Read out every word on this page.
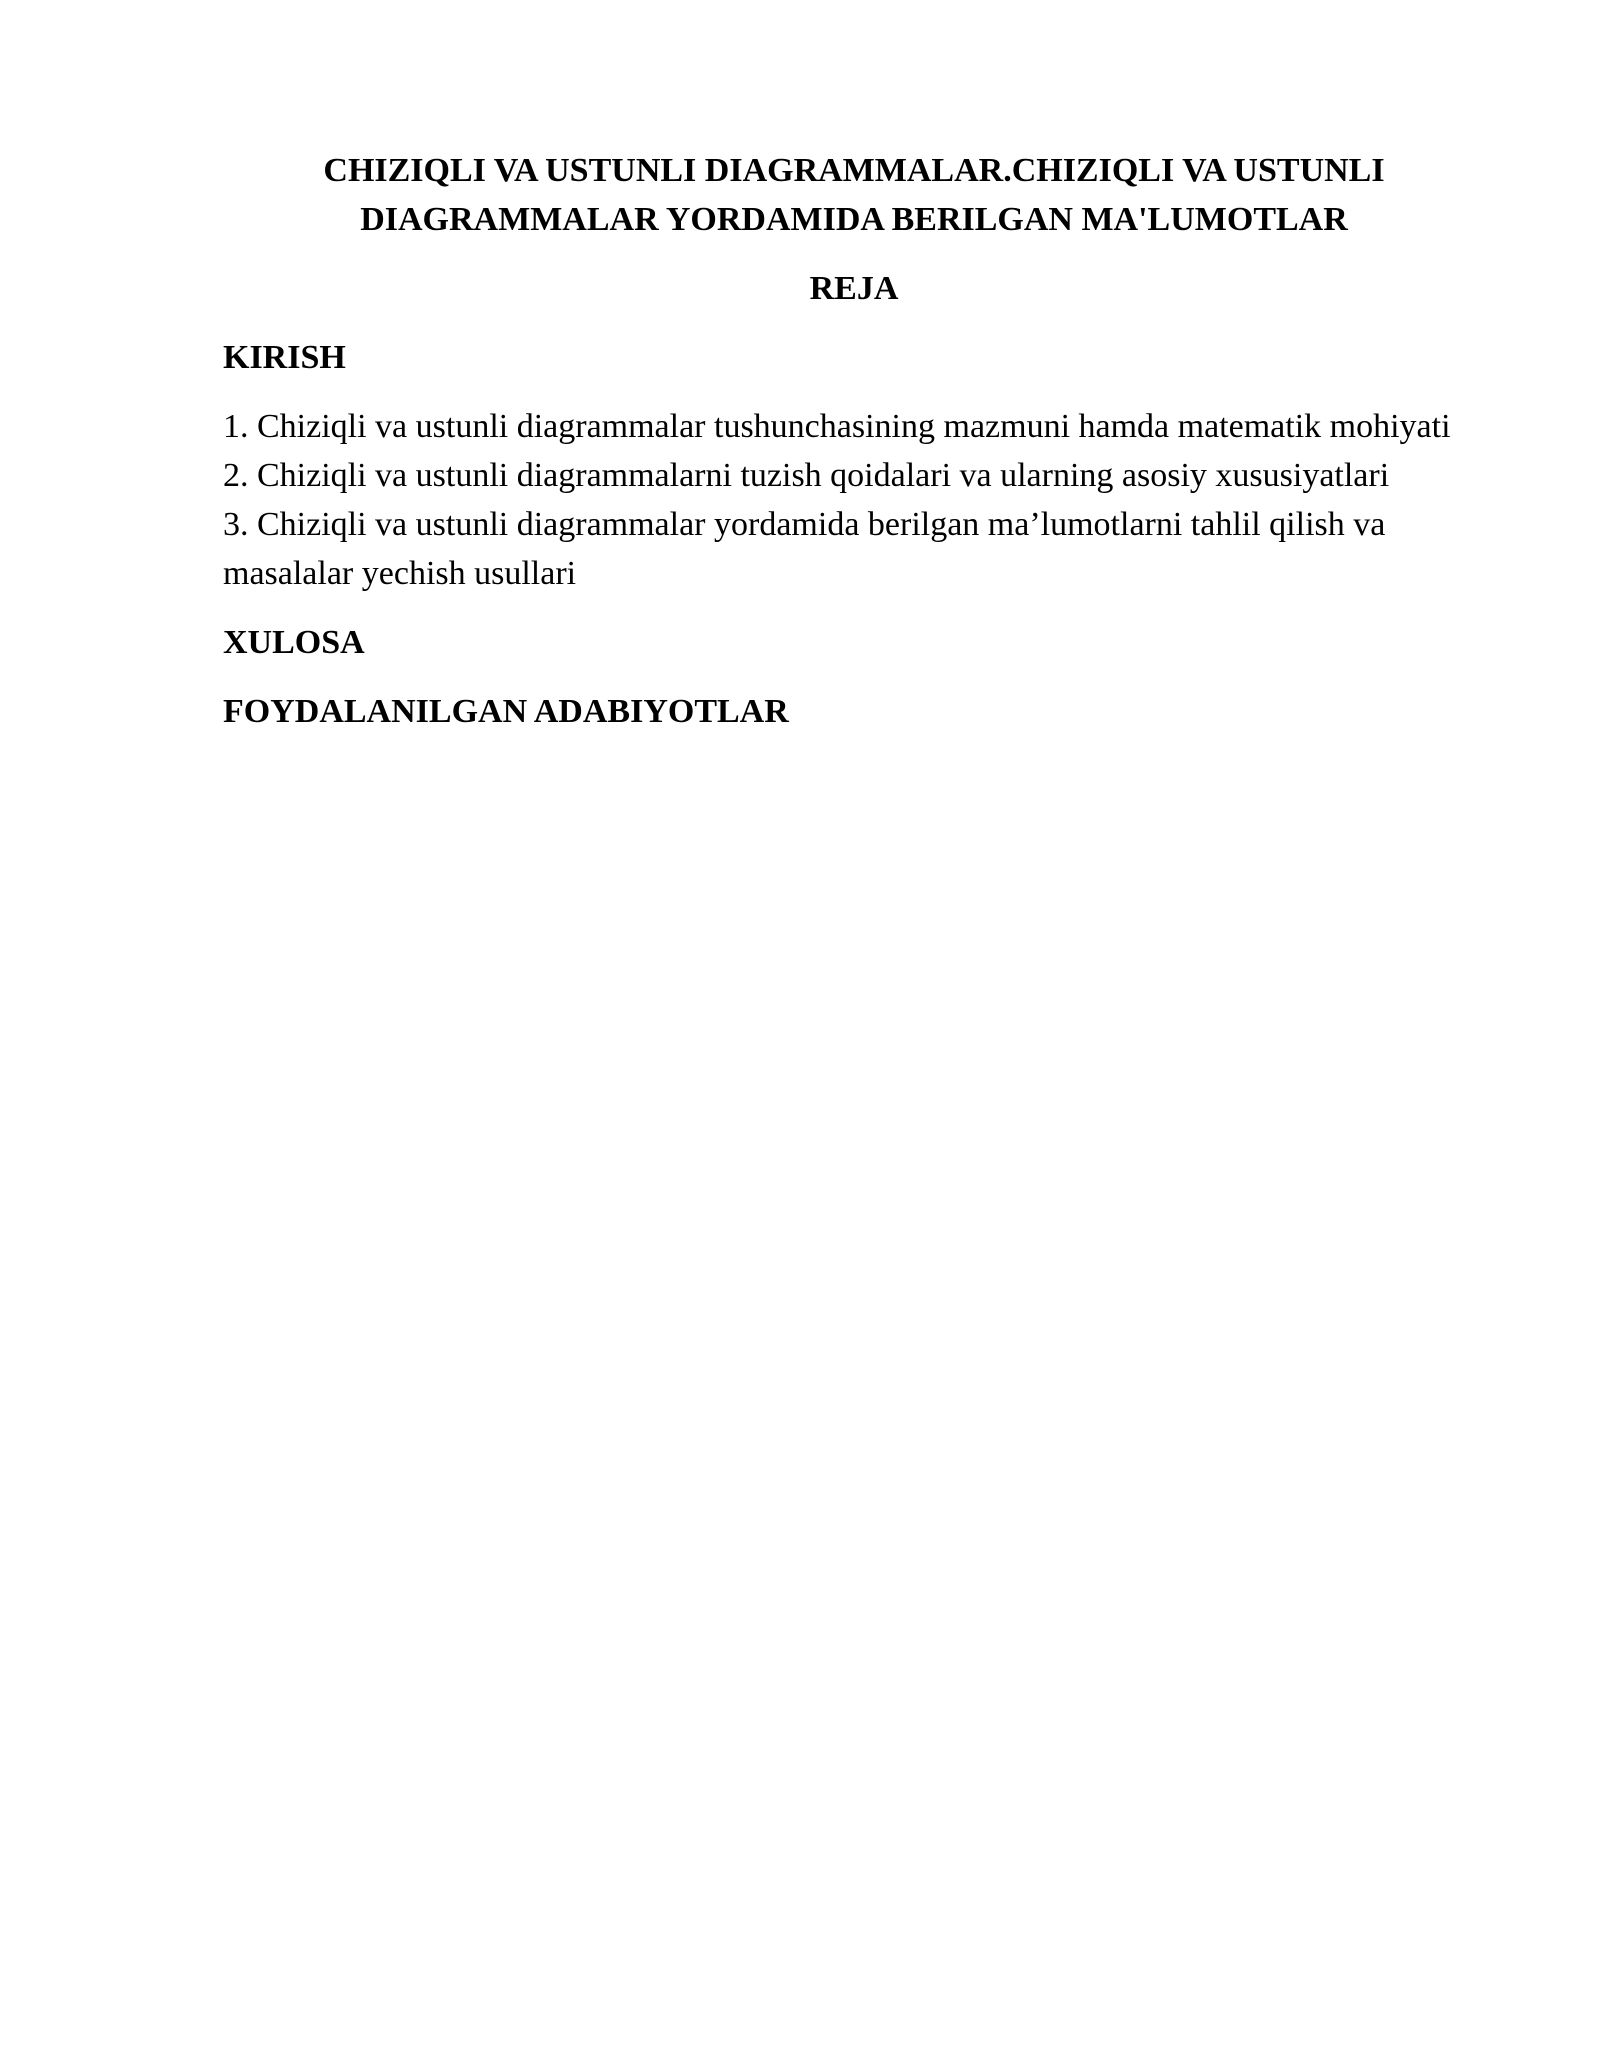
CHIZIQLI VA USTUNLI DIAGRAMMALAR.CHIZIQLI VA USTUNLI
DIAGRAMMALAR YORDAMIDA BERILGAN MA'LUMOTLAR
REJA
KIRISH
1. Chiziqli va ustunli diagrammalar tushunchasining mazmuni hamda matematik mohiyati
2. Chiziqli va ustunli diagrammalarni tuzish qoidalari va ularning asosiy xususiyatlari
3. Chiziqli va ustunli diagrammalar yordamida berilgan ma’lumotlarni tahlil qilish va masalalar yechish usullari
XULOSA
FOYDALANILGAN ADABIYOTLAR
